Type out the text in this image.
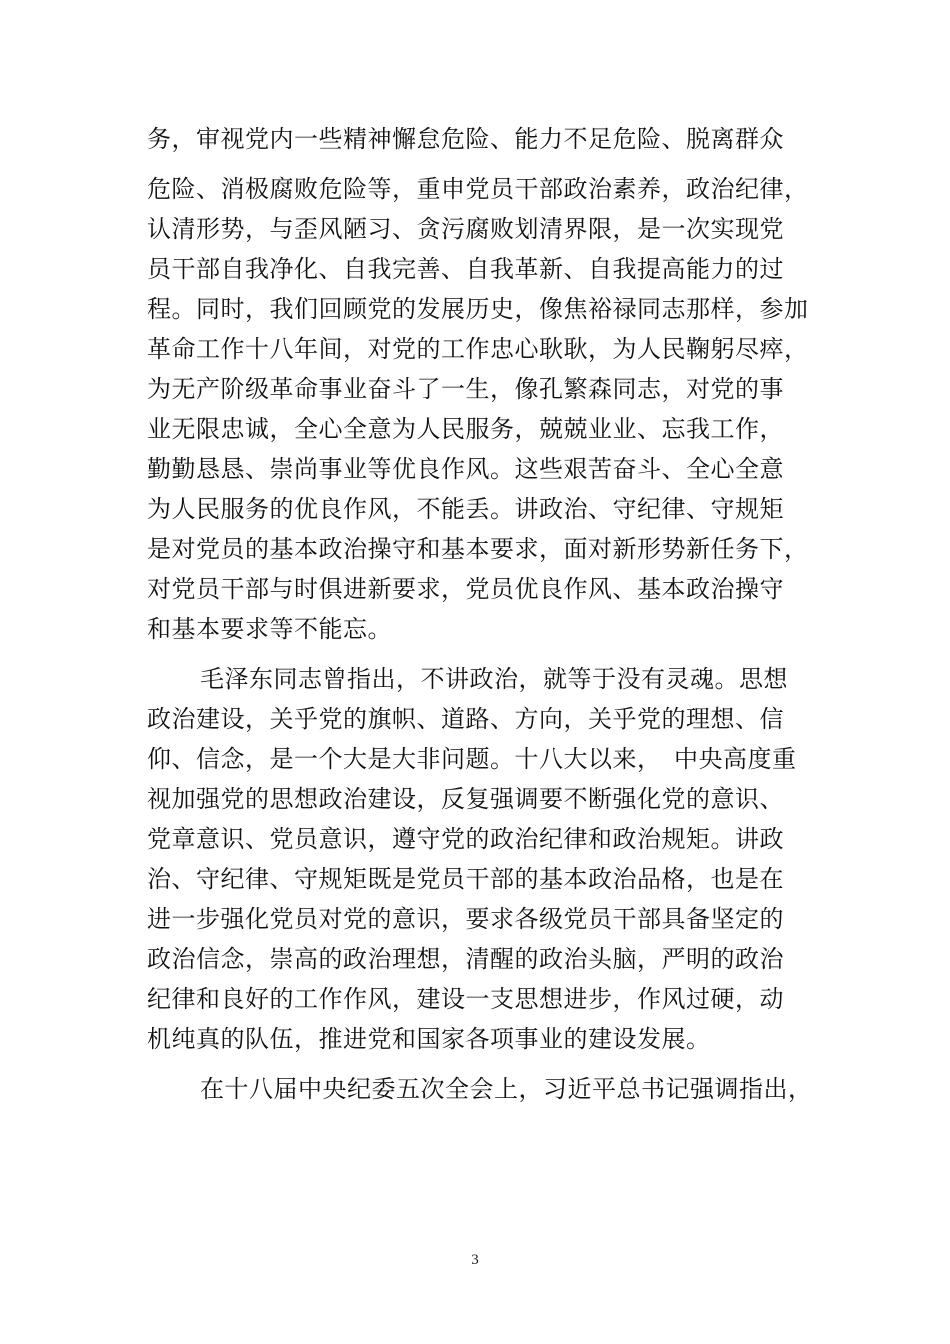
务，审视党内一些精神懈怠危险、能力不足危险、脱离群众
危险、消极腐败危险等，重申党员干部政治素养，政治纪律，
认清形势，与歪风陋习、贪污腐败划清界限，是一次实现党
员干部自我净化、自我完善、自我革新、自我提高能力的过
程。同时，我们回顾党的发展历史，像焦裕禄同志那样，参加
革命工作十八年间，对党的工作忠心耿耿，为人民鞠躬尽瘁，
为无产阶级革命事业奋斗了一生，像孔繁森同志，对党的事
业无限忠诚，全心全意为人民服务，兢兢业业、忘我工作，
勤勤恳恳、崇尚事业等优良作风。这些艰苦奋斗、全心全意
为人民服务的优良作风，不能丢。讲政治、守纪律、守规矩
是对党员的基本政治操守和基本要求，面对新形势新任务下，
对党员干部与时俱进新要求，党员优良作风、基本政治操守
和基本要求等不能忘。
毛泽东同志曾指出，不讲政治，就等于没有灵魂。思想
政治建设，关乎党的旗帜、道路、方向，关乎党的理想、信
仰、信念，是一个大是大非问题。十八大以来，　中央高度重
视加强党的思想政治建设，反复强调要不断强化党的意识、
党章意识、党员意识，遵守党的政治纪律和政治规矩。讲政
治、守纪律、守规矩既是党员干部的基本政治品格，也是在
进一步强化党员对党的意识，要求各级党员干部具备坚定的
政治信念，崇高的政治理想，清醒的政治头脑，严明的政治
纪律和良好的工作作风，建设一支思想进步，作风过硬，动
机纯真的队伍，推进党和国家各项事业的建设发展。
在十八届中央纪委五次全会上，习近平总书记强调指出，
3
